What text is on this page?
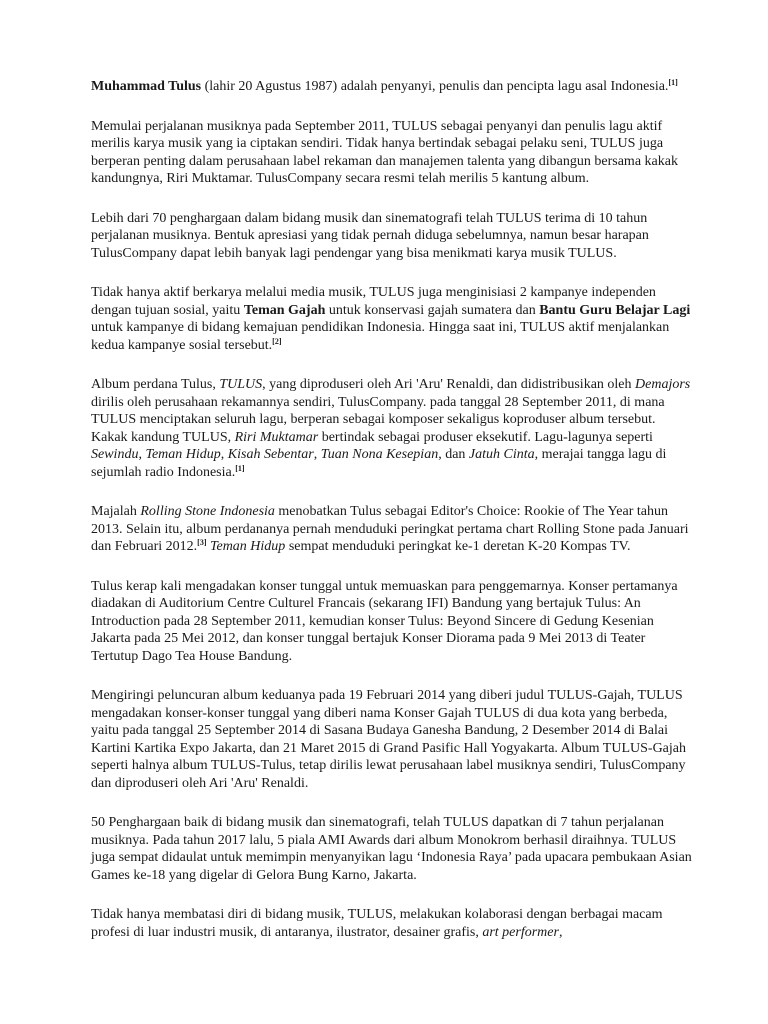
Muhammad Tulus (lahir 20 Agustus 1987) adalah penyanyi, penulis dan pencipta lagu asal Indonesia.[1]

Memulai perjalanan musiknya pada September 2011, TULUS sebagai penyanyi dan penulis lagu aktif merilis karya musik yang ia ciptakan sendiri. Tidak hanya bertindak sebagai pelaku seni, TULUS juga berperan penting dalam perusahaan label rekaman dan manajemen talenta yang dibangun bersama kakak kandungnya, Riri Muktamar. TulusCompany secara resmi telah merilis 5 kantung album.

Lebih dari 70 penghargaan dalam bidang musik dan sinematografi telah TULUS terima di 10 tahun perjalanan musiknya. Bentuk apresiasi yang tidak pernah diduga sebelumnya, namun besar harapan TulusCompany dapat lebih banyak lagi pendengar yang bisa menikmati karya musik TULUS.

Tidak hanya aktif berkarya melalui media musik, TULUS juga menginisiasi 2 kampanye independen dengan tujuan sosial, yaitu Teman Gajah untuk konservasi gajah sumatera dan Bantu Guru Belajar Lagi untuk kampanye di bidang kemajuan pendidikan Indonesia. Hingga saat ini, TULUS aktif menjalankan kedua kampanye sosial tersebut.[2]

Album perdana Tulus, TULUS, yang diproduseri oleh Ari 'Aru' Renaldi, dan didistribusikan oleh Demajors dirilis oleh perusahaan rekamannya sendiri, TulusCompany. pada tanggal 28 September 2011, di mana TULUS menciptakan seluruh lagu, berperan sebagai komposer sekaligus koproduser album tersebut. Kakak kandung TULUS, Riri Muktamar bertindak sebagai produser eksekutif. Lagu-lagunya seperti Sewindu, Teman Hidup, Kisah Sebentar, Tuan Nona Kesepian, dan Jatuh Cinta, merajai tangga lagu di sejumlah radio Indonesia.[1]

Majalah Rolling Stone Indonesia menobatkan Tulus sebagai Editor's Choice: Rookie of The Year tahun 2013. Selain itu, album perdananya pernah menduduki peringkat pertama chart Rolling Stone pada Januari dan Februari 2012.[3] Teman Hidup sempat menduduki peringkat ke-1 deretan K-20 Kompas TV.

Tulus kerap kali mengadakan konser tunggal untuk memuaskan para penggemarnya. Konser pertamanya diadakan di Auditorium Centre Culturel Francais (sekarang IFI) Bandung yang bertajuk Tulus: An Introduction pada 28 September 2011, kemudian konser Tulus: Beyond Sincere di Gedung Kesenian Jakarta pada 25 Mei 2012, dan konser tunggal bertajuk Konser Diorama pada 9 Mei 2013 di Teater Tertutup Dago Tea House Bandung.

Mengiringi peluncuran album keduanya pada 19 Februari 2014 yang diberi judul TULUS-Gajah, TULUS mengadakan konser-konser tunggal yang diberi nama Konser Gajah TULUS di dua kota yang berbeda, yaitu pada tanggal 25 September 2014 di Sasana Budaya Ganesha Bandung, 2 Desember 2014 di Balai Kartini Kartika Expo Jakarta, dan 21 Maret 2015 di Grand Pasific Hall Yogyakarta. Album TULUS-Gajah seperti halnya album TULUS-Tulus, tetap dirilis lewat perusahaan label musiknya sendiri, TulusCompany dan diproduseri oleh Ari 'Aru' Renaldi.

50 Penghargaan baik di bidang musik dan sinematografi, telah TULUS dapatkan di 7 tahun perjalanan musiknya. Pada tahun 2017 lalu, 5 piala AMI Awards dari album Monokrom berhasil diraihnya. TULUS juga sempat didaulat untuk memimpin menyanyikan lagu ‘Indonesia Raya’ pada upacara pembukaan Asian Games ke-18 yang digelar di Gelora Bung Karno, Jakarta.

Tidak hanya membatasi diri di bidang musik, TULUS, melakukan kolaborasi dengan berbagai macam profesi di luar industri musik, di antaranya, ilustrator, desainer grafis, art performer,
